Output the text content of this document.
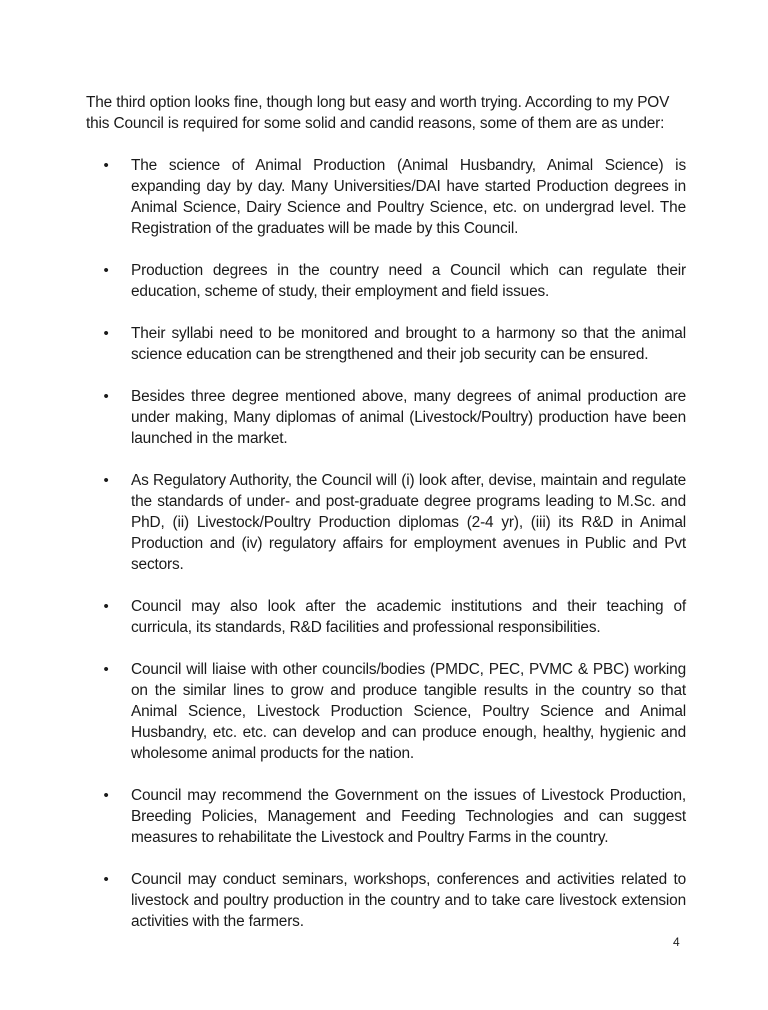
The third option looks fine, though long but easy and worth trying. According to my POV this Council is required for some solid and candid reasons, some of them are as under:

• The science of Animal Production (Animal Husbandry, Animal Science) is expanding day by day. Many Universities/DAI have started Production degrees in Animal Science, Dairy Science and Poultry Science, etc. on undergrad level. The Registration of the graduates will be made by this Council.
• Production degrees in the country need a Council which can regulate their education, scheme of study, their employment and field issues.
• Their syllabi need to be monitored and brought to a harmony so that the animal science education can be strengthened and their job security can be ensured.
• Besides three degree mentioned above, many degrees of animal production are under making, Many diplomas of animal (Livestock/Poultry) production have been launched in the market.
• As Regulatory Authority, the Council will (i) look after, devise, maintain and regulate the standards of under- and post-graduate degree programs leading to M.Sc. and PhD, (ii) Livestock/Poultry Production diplomas (2-4 yr), (iii) its R&D in Animal Production and (iv) regulatory affairs for employment avenues in Public and Pvt sectors.
• Council may also look after the academic institutions and their teaching of curricula, its standards, R&D facilities and professional responsibilities.
• Council will liaise with other councils/bodies (PMDC, PEC, PVMC & PBC) working on the similar lines to grow and produce tangible results in the country so that Animal Science, Livestock Production Science, Poultry Science and Animal Husbandry, etc. etc. can develop and can produce enough, healthy, hygienic and wholesome animal products for the nation.
• Council may recommend the Government on the issues of Livestock Production, Breeding Policies, Management and Feeding Technologies and can suggest measures to rehabilitate the Livestock and Poultry Farms in the country.
• Council may conduct seminars, workshops, conferences and activities related to livestock and poultry production in the country and to take care livestock extension activities with the farmers.
4
